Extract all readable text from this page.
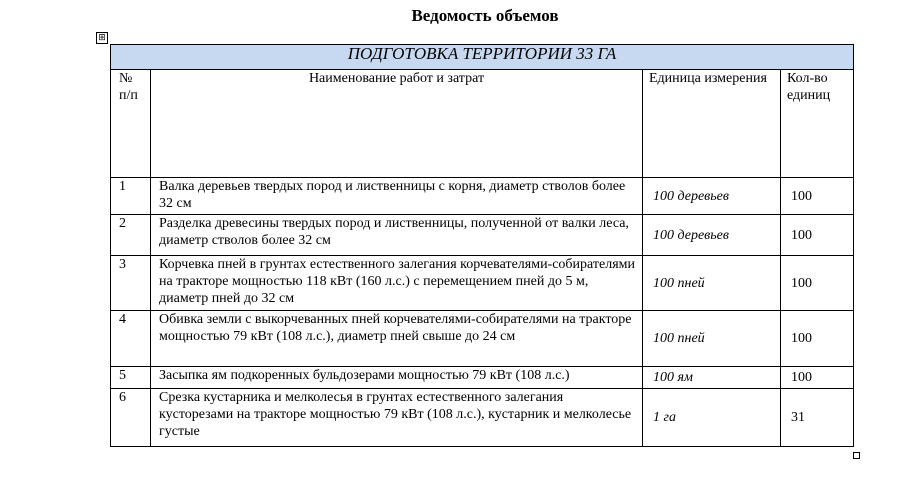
Ведомость объемов
⊞
ПОДГОТОВКА ТЕРРИТОРИИ 33 ГА			
№ п/п	Наименование работ и затрат	Единица измерения	Кол-во единиц
1	Валка деревьев твердых пород и лиственницы с корня, диаметр стволов более 32 см	100 деревьев	100
2	Разделка древесины твердых пород и лиственницы, полученной от валки леса, диаметр стволов более 32 см	100 деревьев	100
3	Корчевка пней в грунтах естественного залегания корчевателями-собирателями на тракторе мощностью 118 кВт (160 л.с.) с перемещением пней до 5 м, диаметр пней до 32 см	100 пней	100
4	Обивка земли с выкорчеванных пней корчевателями-собирателями на тракторе мощностью 79 кВт (108 л.с.), диаметр пней свыше до 24 см	100 пней	100
5	Засыпка ям подкоренных бульдозерами мощностью 79 кВт (108 л.с.)	100 ям	100
6	Срезка кустарника и мелколесья в грунтах естественного залегания кусторезами на тракторе мощностью 79 кВт (108 л.с.), кустарник и мелколесье густые	1 га	31
